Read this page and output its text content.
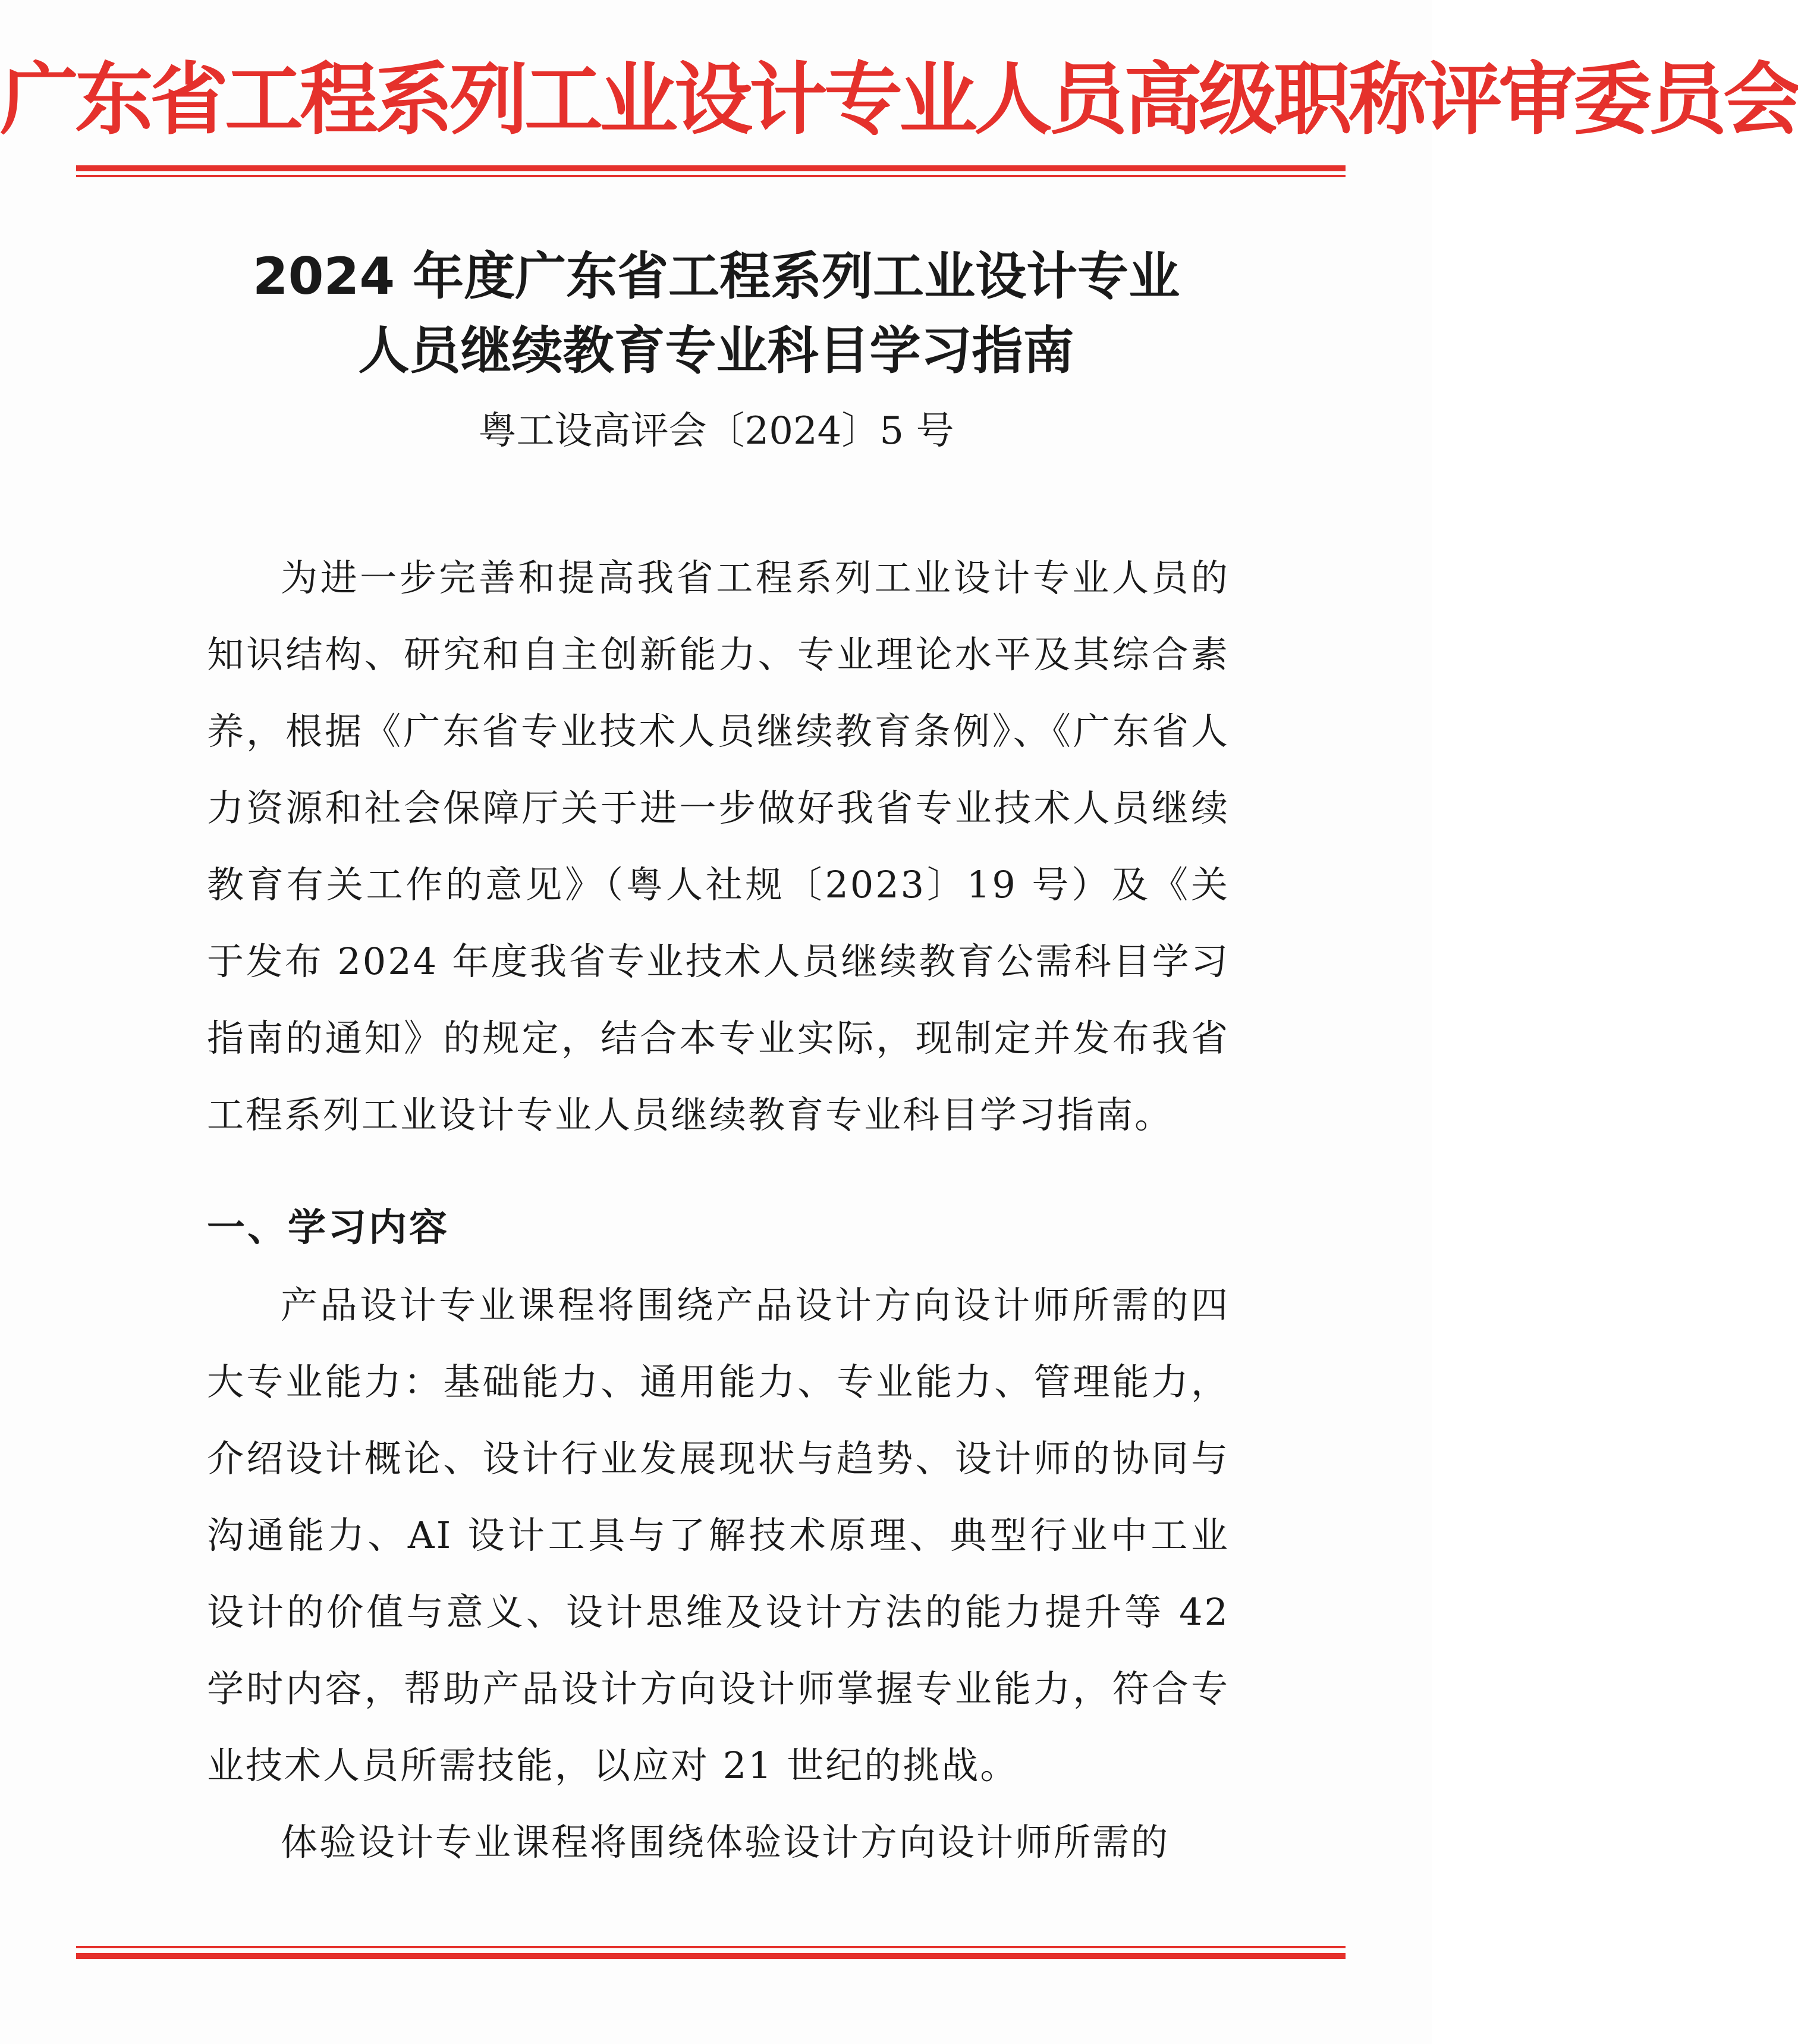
广东省工程系列工业设计专业人员高级职称评审委员会
2024 年度广东省工程系列工业设计专业
人员继续教育专业科目学习指南
粤工设高评会〔2024〕5 号

为进一步完善和提高我省工程系列工业设计专业人员的知识结构、研究和自主创新能力、专业理论水平及其综合素养，根据《广东省专业技术人员继续教育条例》、《广东省人力资源和社会保障厅关于进一步做好我省专业技术人员继续教育有关工作的意见》（粤人社规〔2023〕19 号）及《关于发布 2024 年度我省专业技术人员继续教育公需科目学习指南的通知》的规定，结合本专业实际，现制定并发布我省工程系列工业设计专业人员继续教育专业科目学习指南。

一、学习内容

产品设计专业课程将围绕产品设计方向设计师所需的四大专业能力：基础能力、通用能力、专业能力、管理能力，介绍设计概论、设计行业发展现状与趋势、设计师的协同与沟通能力、AI 设计工具与了解技术原理、典型行业中工业设计的价值与意义、设计思维及设计方法的能力提升等 42 学时内容，帮助产品设计方向设计师掌握专业能力，符合专业技术人员所需技能，以应对 21 世纪的挑战。

体验设计专业课程将围绕体验设计方向设计师所需的
